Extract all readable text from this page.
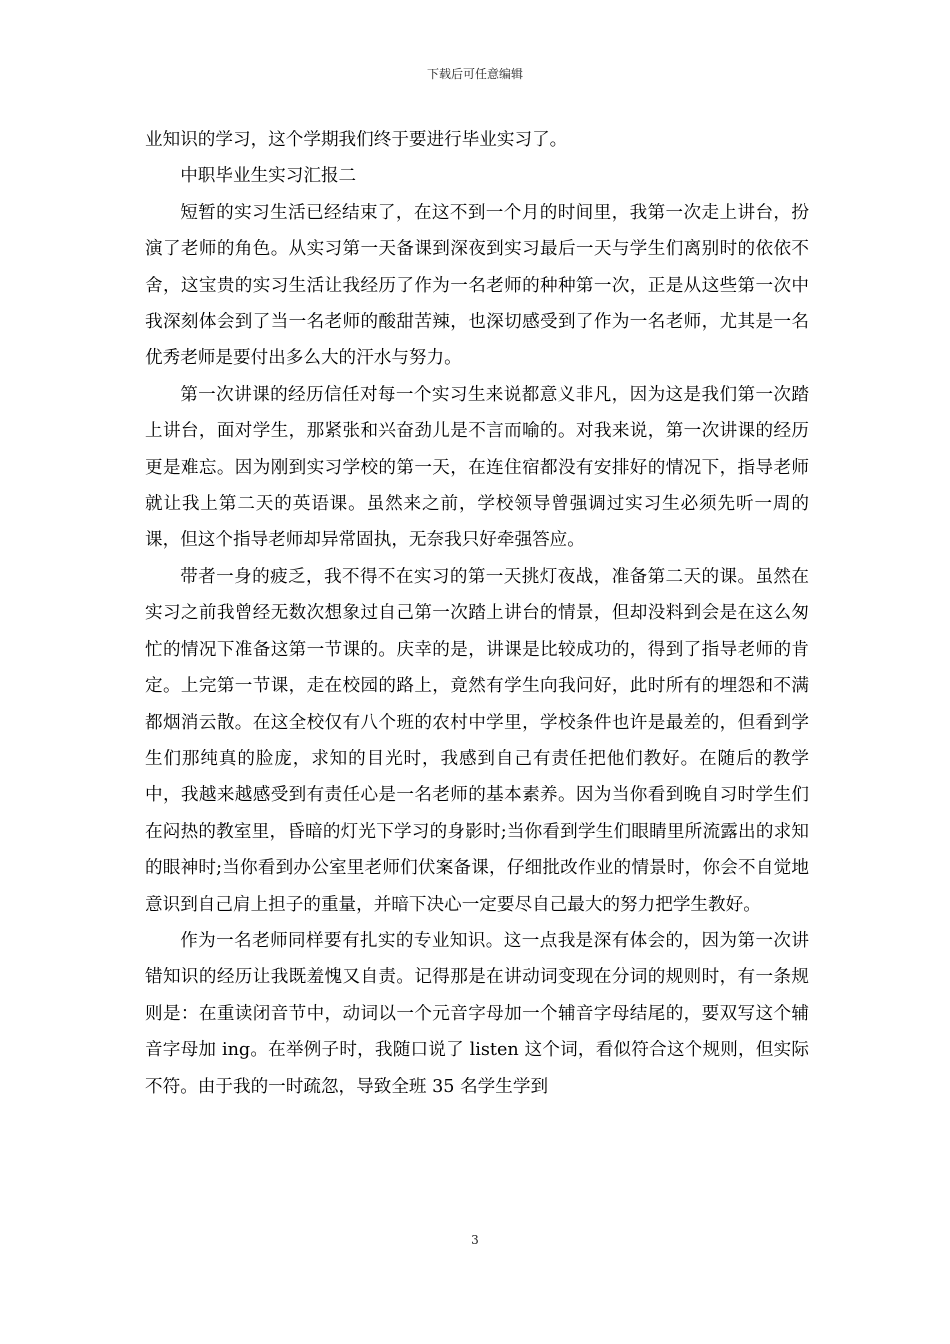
下载后可任意编辑

业知识的学习，这个学期我们终于要进行毕业实习了。

中职毕业生实习汇报二

短暂的实习生活已经结束了，在这不到一个月的时间里，我第一次走上讲台，扮演了老师的角色。从实习第一天备课到深夜到实习最后一天与学生们离别时的依依不舍，这宝贵的实习生活让我经历了作为一名老师的种种第一次，正是从这些第一次中我深刻体会到了当一名老师的酸甜苦辣，也深切感受到了作为一名老师，尤其是一名优秀老师是要付出多么大的汗水与努力。

第一次讲课的经历信任对每一个实习生来说都意义非凡，因为这是我们第一次踏上讲台，面对学生，那紧张和兴奋劲儿是不言而喻的。对我来说，第一次讲课的经历更是难忘。因为刚到实习学校的第一天，在连住宿都没有安排好的情况下，指导老师就让我上第二天的英语课。虽然来之前，学校领导曾强调过实习生必须先听一周的课，但这个指导老师却异常固执，无奈我只好牵强答应。

带者一身的疲乏，我不得不在实习的第一天挑灯夜战，准备第二天的课。虽然在实习之前我曾经无数次想象过自己第一次踏上讲台的情景，但却没料到会是在这么匆忙的情况下准备这第一节课的。庆幸的是，讲课是比较成功的，得到了指导老师的肯定。上完第一节课，走在校园的路上，竟然有学生向我问好，此时所有的埋怨和不满都烟消云散。在这全校仅有八个班的农村中学里，学校条件也许是最差的，但看到学生们那纯真的脸庞，求知的目光时，我感到自己有责任把他们教好。在随后的教学中，我越来越感受到有责任心是一名老师的基本素养。因为当你看到晚自习时学生们在闷热的教室里，昏暗的灯光下学习的身影时;当你看到学生们眼睛里所流露出的求知的眼神时;当你看到办公室里老师们伏案备课，仔细批改作业的情景时，你会不自觉地意识到自己肩上担子的重量，并暗下决心一定要尽自己最大的努力把学生教好。

作为一名老师同样要有扎实的专业知识。这一点我是深有体会的，因为第一次讲错知识的经历让我既羞愧又自责。记得那是在讲动词变现在分词的规则时，有一条规则是：在重读闭音节中，动词以一个元音字母加一个辅音字母结尾的，要双写这个辅音字母加 ing。在举例子时，我随口说了 listen 这个词，看似符合这个规则，但实际不符。由于我的一时疏忽，导致全班 35 名学生学到

3
